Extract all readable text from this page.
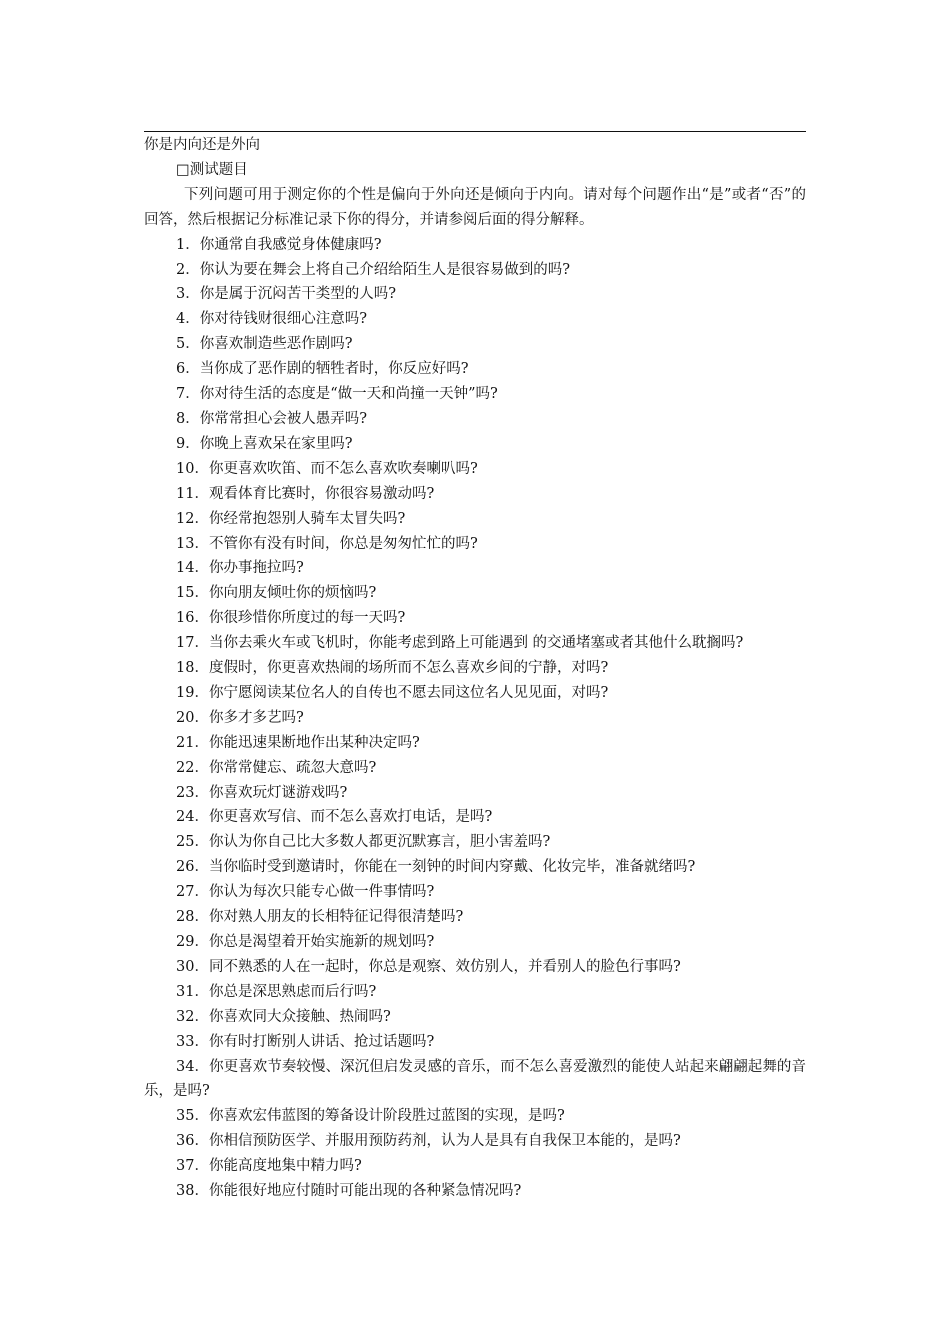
你是内向还是外向
□测试题目
下列问题可用于测定你的个性是偏向于外向还是倾向于内向。请对每个问题作出“是”或者“否”的回答，然后根据记分标准记录下你的得分，并请参阅后面的得分解释。
1．你通常自我感觉身体健康吗?
2．你认为要在舞会上将自己介绍给陌生人是很容易做到的吗?
3．你是属于沉闷苦干类型的人吗?
4．你对待钱财很细心注意吗?
5．你喜欢制造些恶作剧吗?
6．当你成了恶作剧的牺牲者时，你反应好吗?
7．你对待生活的态度是“做一天和尚撞一天钟”吗?
8．你常常担心会被人愚弄吗?
9．你晚上喜欢呆在家里吗?
10．你更喜欢吹笛、而不怎么喜欢吹奏喇叭吗?
11．观看体育比赛时，你很容易激动吗?
12．你经常抱怨别人骑车太冒失吗?
13．不管你有没有时间，你总是匆匆忙忙的吗?
14．你办事拖拉吗?
15．你向朋友倾吐你的烦恼吗?
16．你很珍惜你所度过的每一天吗?
17．当你去乘火车或飞机时，你能考虑到路上可能遇到 的交通堵塞或者其他什么耽搁吗?
18．度假时，你更喜欢热闹的场所而不怎么喜欢乡间的宁静，对吗?
19．你宁愿阅读某位名人的自传也不愿去同这位名人见见面，对吗?
20．你多才多艺吗?
21．你能迅速果断地作出某种决定吗?
22．你常常健忘、疏忽大意吗?
23．你喜欢玩灯谜游戏吗?
24．你更喜欢写信、而不怎么喜欢打电话，是吗?
25．你认为你自己比大多数人都更沉默寡言，胆小害羞吗?
26．当你临时受到邀请时，你能在一刻钟的时间内穿戴、化妆完毕，准备就绪吗?
27．你认为每次只能专心做一件事情吗?
28．你对熟人朋友的长相特征记得很清楚吗?
29．你总是渴望着开始实施新的规划吗?
30．同不熟悉的人在一起时，你总是观察、效仿别人，并看别人的脸色行事吗?
31．你总是深思熟虑而后行吗?
32．你喜欢同大众接触、热闹吗?
33．你有时打断别人讲话、抢过话题吗?
34．你更喜欢节奏较慢、深沉但启发灵感的音乐，而不怎么喜爱激烈的能使人站起来翩翩起舞的音乐，是吗?
35．你喜欢宏伟蓝图的筹备设计阶段胜过蓝图的实现，是吗?
36．你相信预防医学、并服用预防药剂，认为人是具有自我保卫本能的，是吗?
37．你能高度地集中精力吗?
38．你能很好地应付随时可能出现的各种紧急情况吗?
